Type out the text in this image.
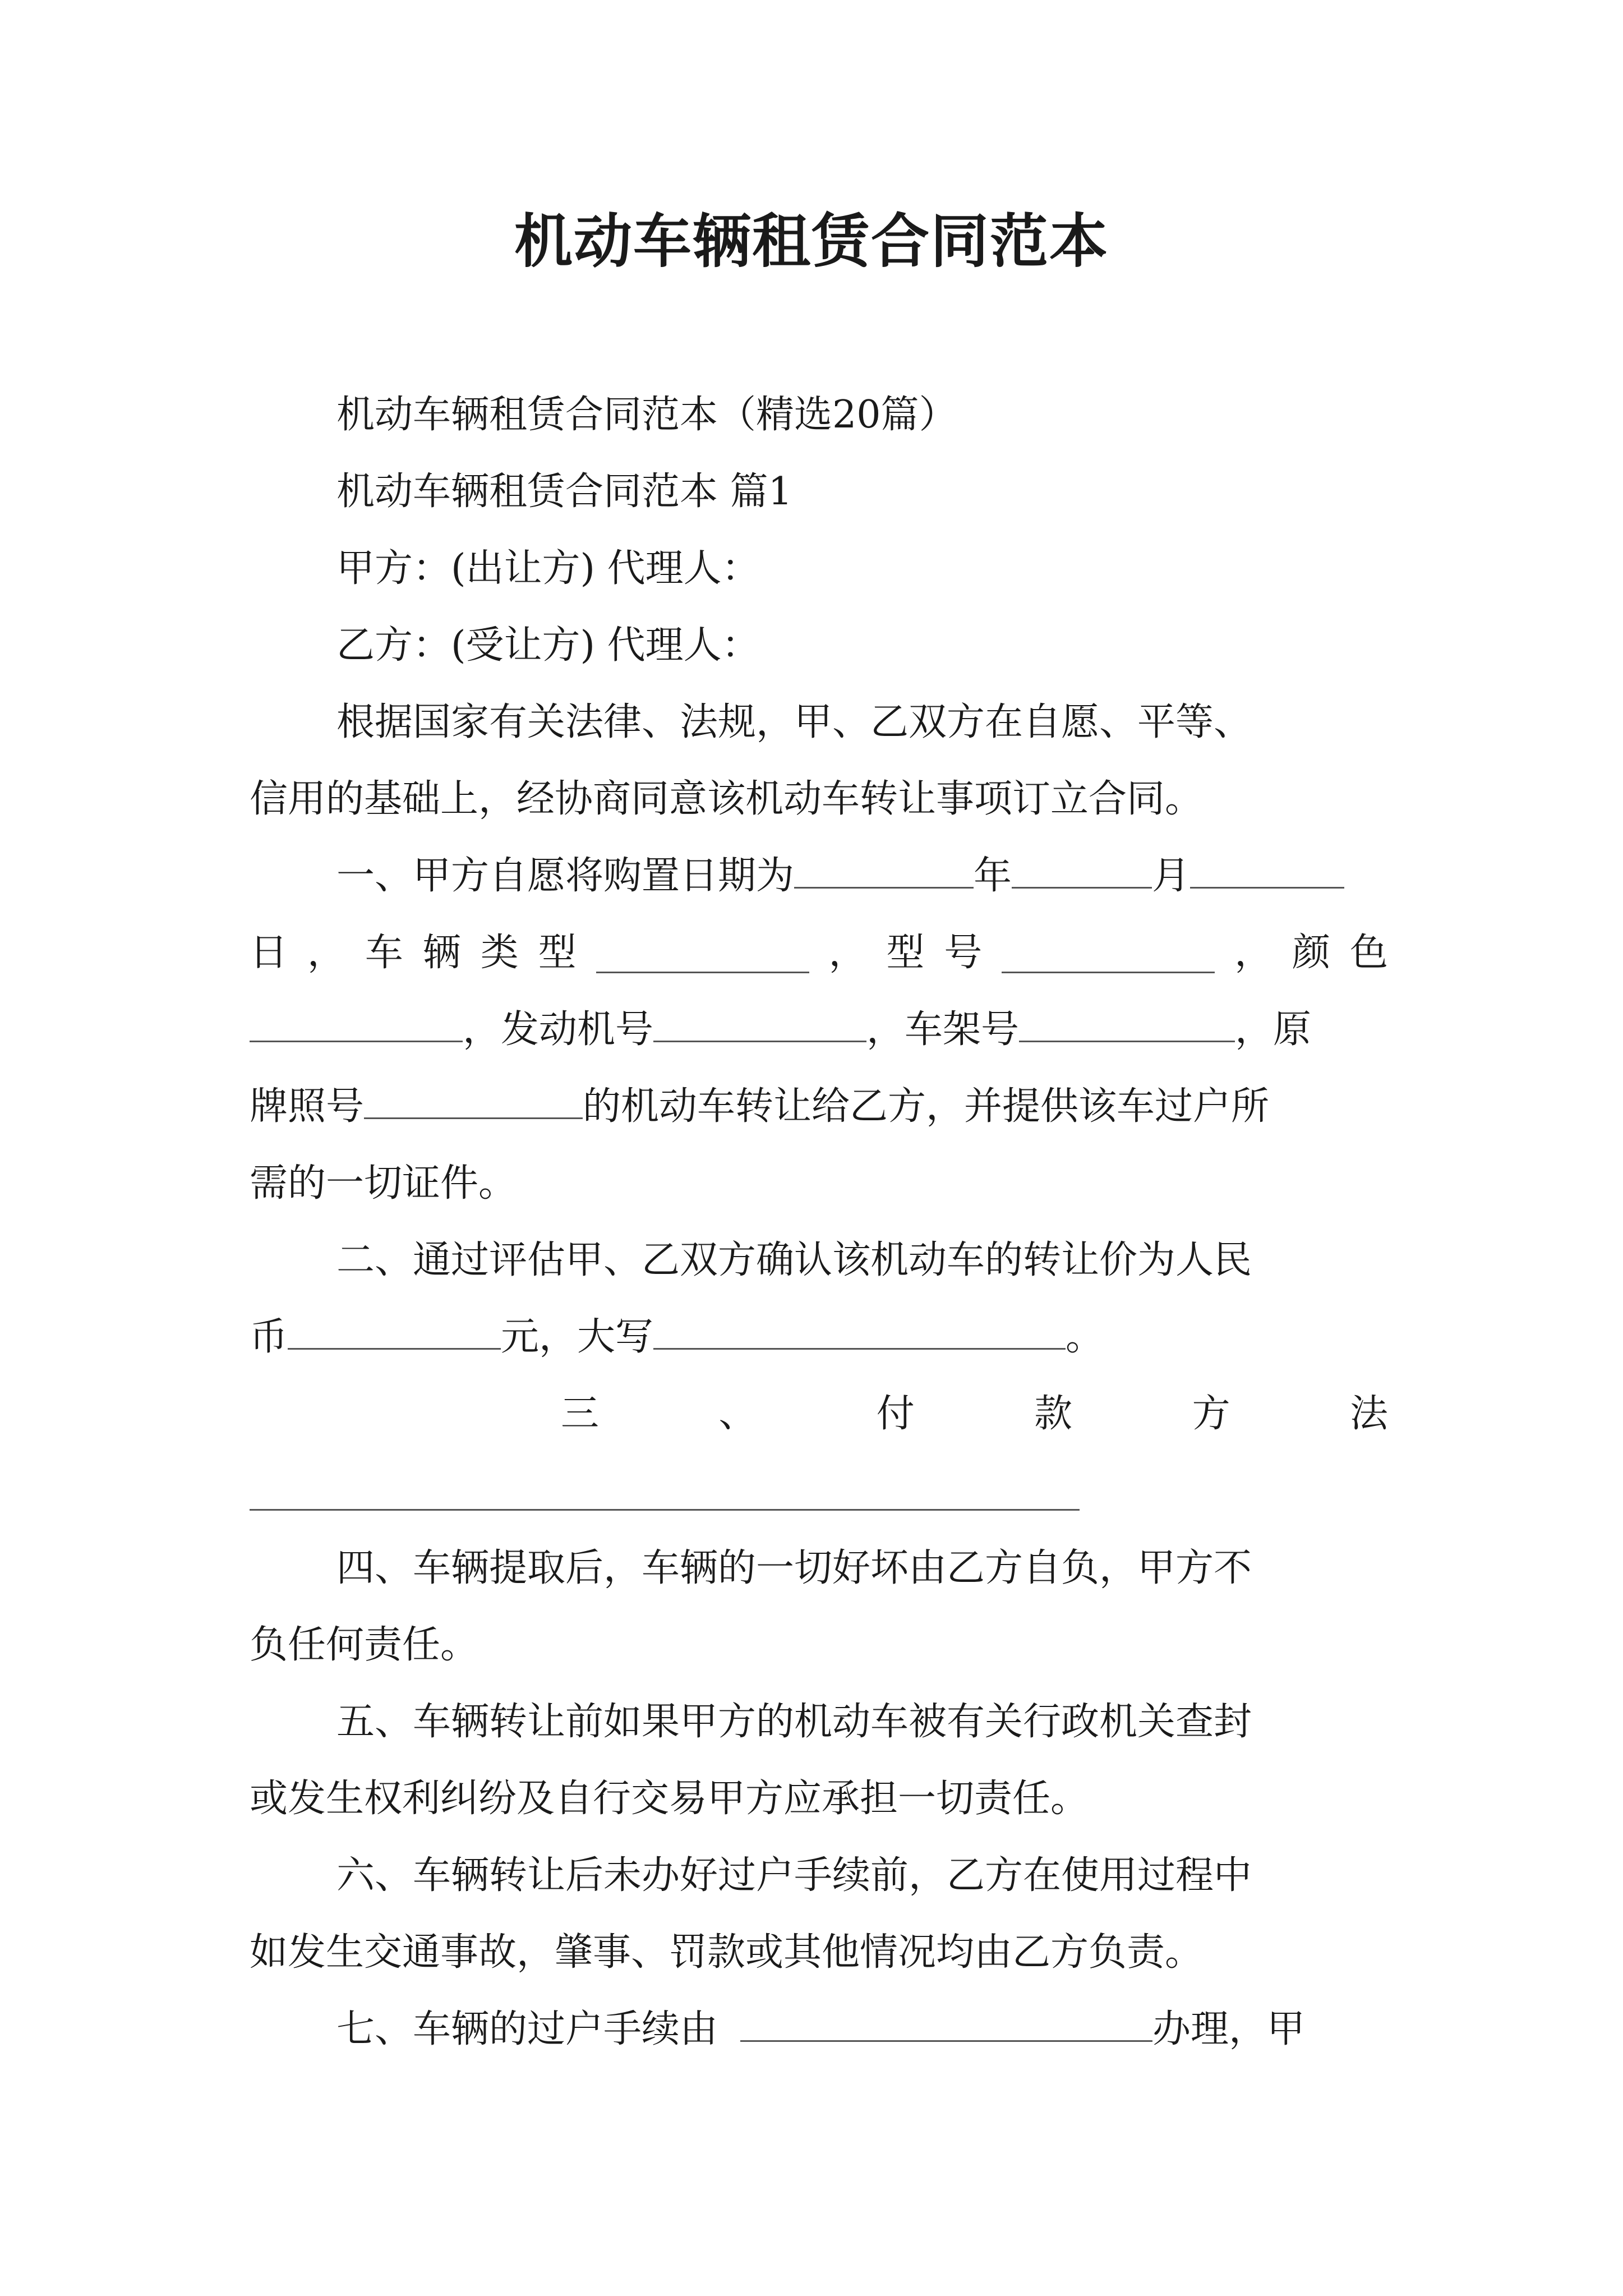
机动车辆租赁合同范本
机动车辆租赁合同范本（精选20篇）
机动车辆租赁合同范本 篇1
甲方：(出让方) 代理人：
乙方：(受让方) 代理人：
根据国家有关法律、法规，甲、乙双方在自愿、平等、
信用的基础上，经协商同意该机动车转让事项订立合同。
一、甲方自愿将购置日期为	年	月
日 ， 车 辆 类 型	， 型 号	， 颜 色
，发动机号	，车架号	，原
牌照号	的机动车转让给乙方，并提供该车过户所
需的一切证件。
二、通过评估甲、乙双方确认该机动车的转让价为人民
币	元，大写	。
三	、	付	款	方	法
四、车辆提取后，车辆的一切好坏由乙方自负，甲方不
负任何责任。
五、车辆转让前如果甲方的机动车被有关行政机关查封
或发生权利纠纷及自行交易甲方应承担一切责任。
六、车辆转让后未办好过户手续前，乙方在使用过程中
如发生交通事故，肇事、罚款或其他情况均由乙方负责。
七、车辆的过户手续由	办理，甲
